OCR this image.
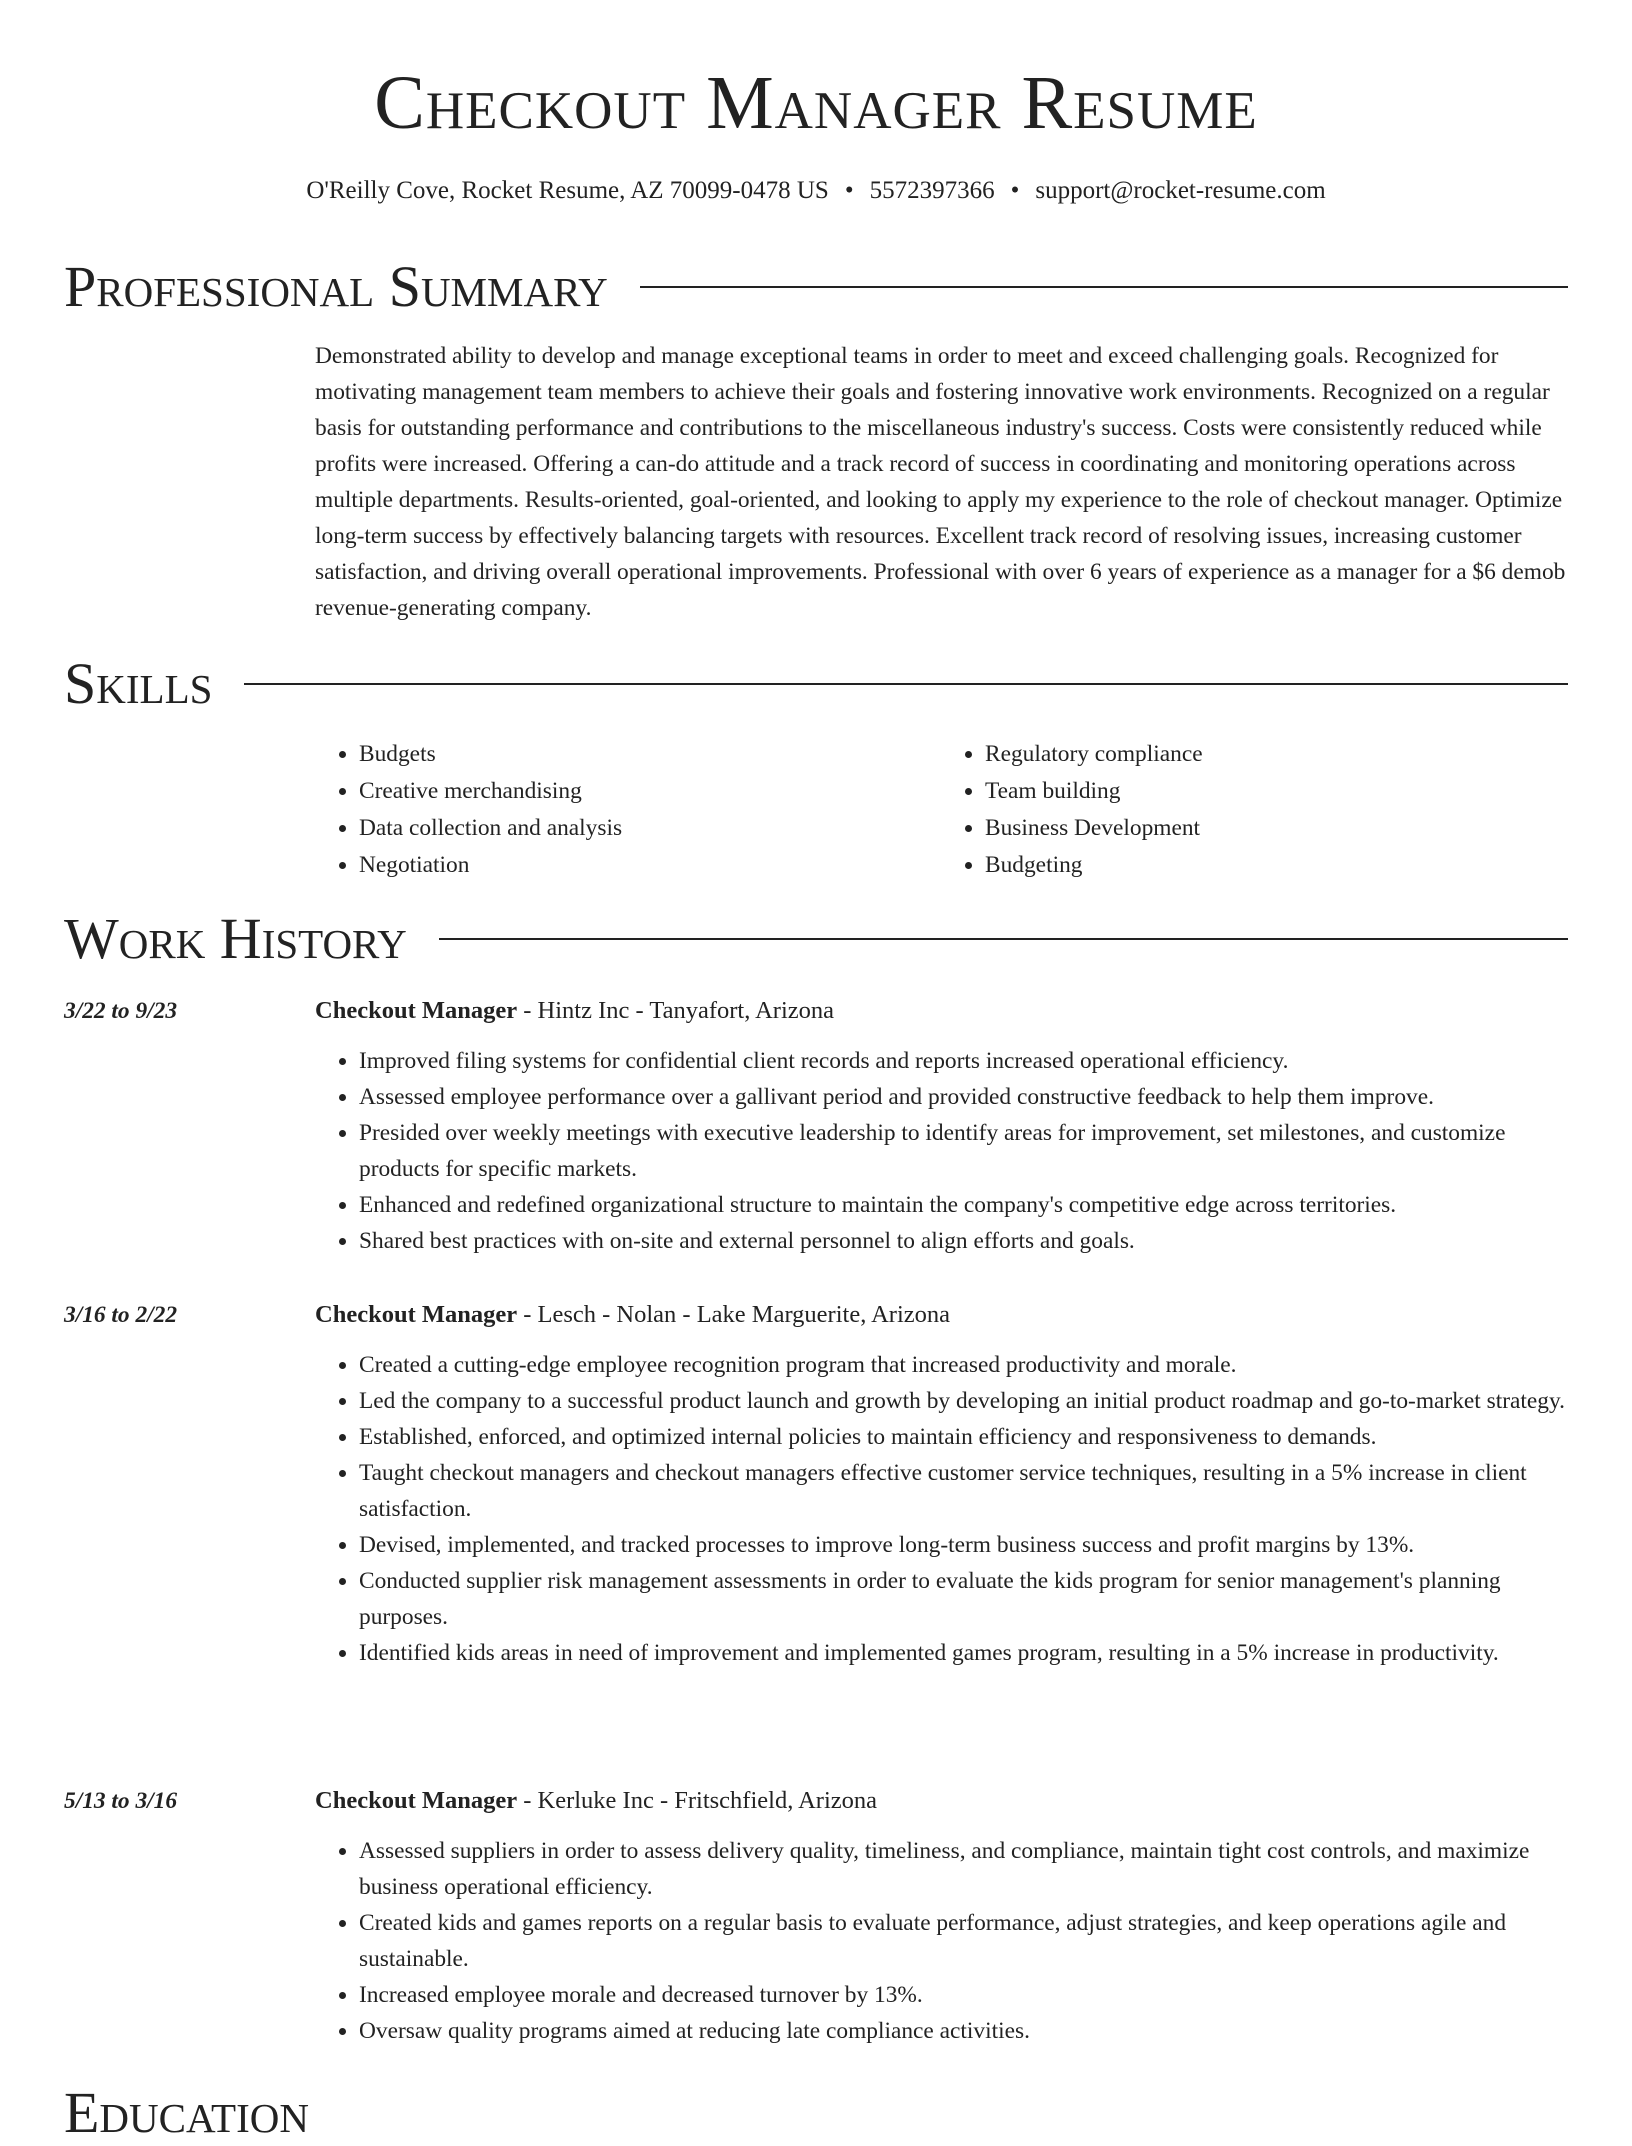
Checkout Manager Resume
O'Reilly Cove, Rocket Resume, AZ 70099-0478 US • 5572397366 • support@rocket-resume.com
Professional Summary

Demonstrated ability to develop and manage exceptional teams in order to meet and exceed challenging goals. Recognized for motivating management team members to achieve their goals and fostering innovative work environments. Recognized on a regular basis for outstanding performance and contributions to the miscellaneous industry's success. Costs were consistently reduced while profits were increased. Offering a can-do attitude and a track record of success in coordinating and monitoring operations across multiple departments. Results-oriented, goal-oriented, and looking to apply my experience to the role of checkout manager. Optimize long-term success by effectively balancing targets with resources. Excellent track record of resolving issues, increasing customer satisfaction, and driving overall operational improvements. Professional with over 6 years of experience as a manager for a $6 demob revenue-generating company.

Skills
• Budgets
• Creative merchandising
• Data collection and analysis
• Negotiation
• Regulatory compliance
• Team building
• Business Development
• Budgeting
Work History
3/22 to 9/23	Checkout Manager - Hintz Inc - Tanyafort, Arizona
• Improved filing systems for confidential client records and reports increased operational efficiency.
• Assessed employee performance over a gallivant period and provided constructive feedback to help them improve.
• Presided over weekly meetings with executive leadership to identify areas for improvement, set milestones, and customize products for specific markets.
• Enhanced and redefined organizational structure to maintain the company's competitive edge across territories.
• Shared best practices with on-site and external personnel to align efforts and goals.
3/16 to 2/22	Checkout Manager - Lesch - Nolan - Lake Marguerite, Arizona
• Created a cutting-edge employee recognition program that increased productivity and morale.
• Led the company to a successful product launch and growth by developing an initial product roadmap and go-to-market strategy.
• Established, enforced, and optimized internal policies to maintain efficiency and responsiveness to demands.
• Taught checkout managers and checkout managers effective customer service techniques, resulting in a 5% increase in client satisfaction.
• Devised, implemented, and tracked processes to improve long-term business success and profit margins by 13%.
• Conducted supplier risk management assessments in order to evaluate the kids program for senior management's planning purposes.
• Identified kids areas in need of improvement and implemented games program, resulting in a 5% increase in productivity.
5/13 to 3/16	Checkout Manager - Kerluke Inc - Fritschfield, Arizona
• Assessed suppliers in order to assess delivery quality, timeliness, and compliance, maintain tight cost controls, and maximize business operational efficiency.
• Created kids and games reports on a regular basis to evaluate performance, adjust strategies, and keep operations agile and sustainable.
• Increased employee morale and decreased turnover by 13%.
• Oversaw quality programs aimed at reducing late compliance activities.
Education
